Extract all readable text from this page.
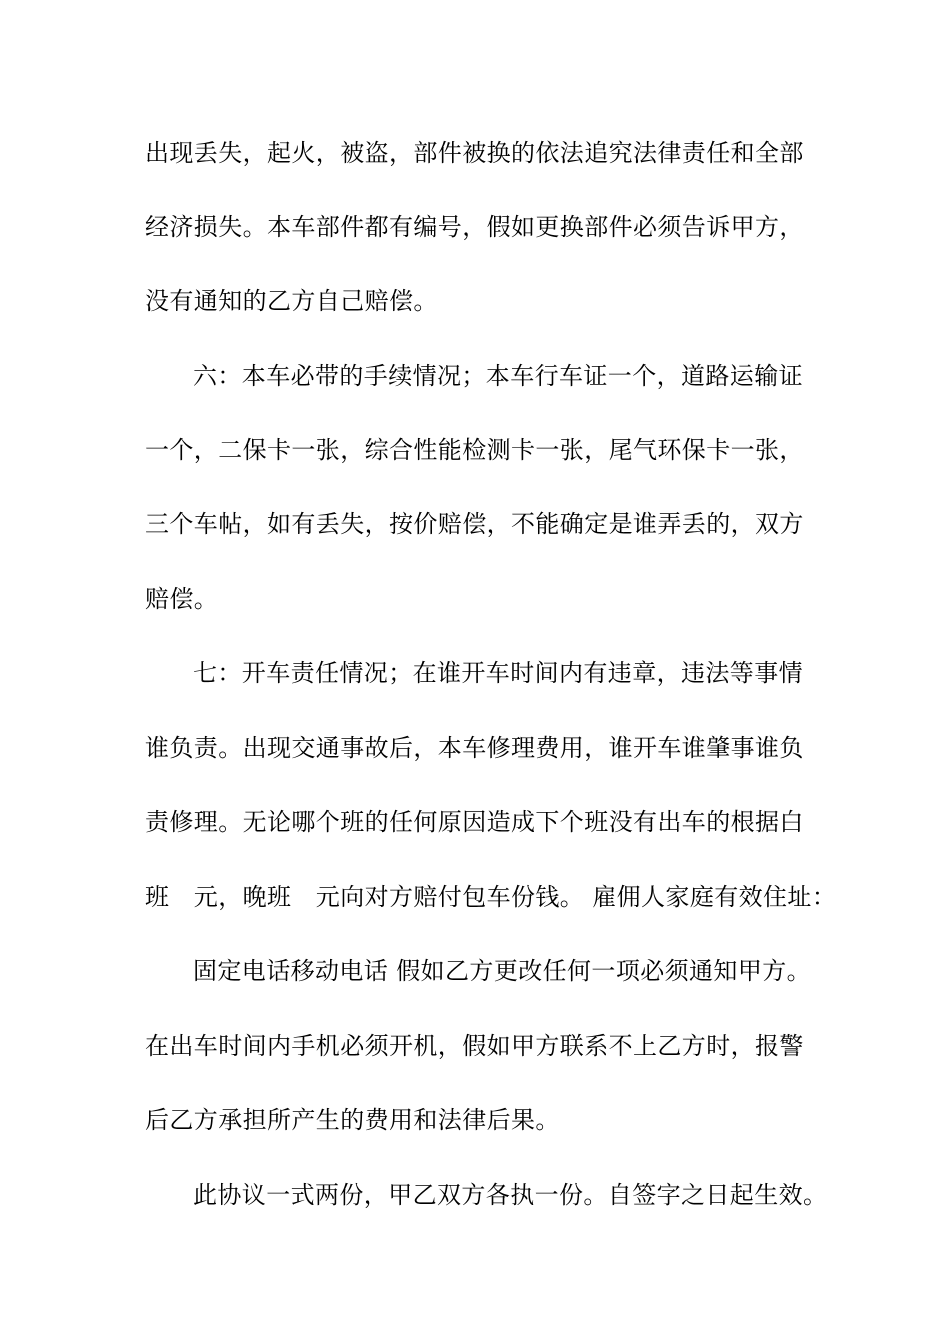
出现丢失，起火，被盗，部件被换的依法追究法律责任和全部
经济损失。本车部件都有编号，假如更换部件必须告诉甲方，
没有通知的乙方自己赔偿。
六：本车必带的手续情况；本车行车证一个，道路运输证
一个，二保卡一张，综合性能检测卡一张，尾气环保卡一张，
三个车帖，如有丢失，按价赔偿，不能确定是谁弄丢的，双方
赔偿。
七：开车责任情况；在谁开车时间内有违章，违法等事情
谁负责。出现交通事故后，本车修理费用，谁开车谁肇事谁负
责修理。无论哪个班的任何原因造成下个班没有出车的根据白
班　元，晚班　元向对方赔付包车份钱。 雇佣人家庭有效住址：
固定电话移动电话 假如乙方更改任何一项必须通知甲方。
在出车时间内手机必须开机，假如甲方联系不上乙方时，报警
后乙方承担所产生的费用和法律后果。
此协议一式两份，甲乙双方各执一份。自签字之日起生效。
